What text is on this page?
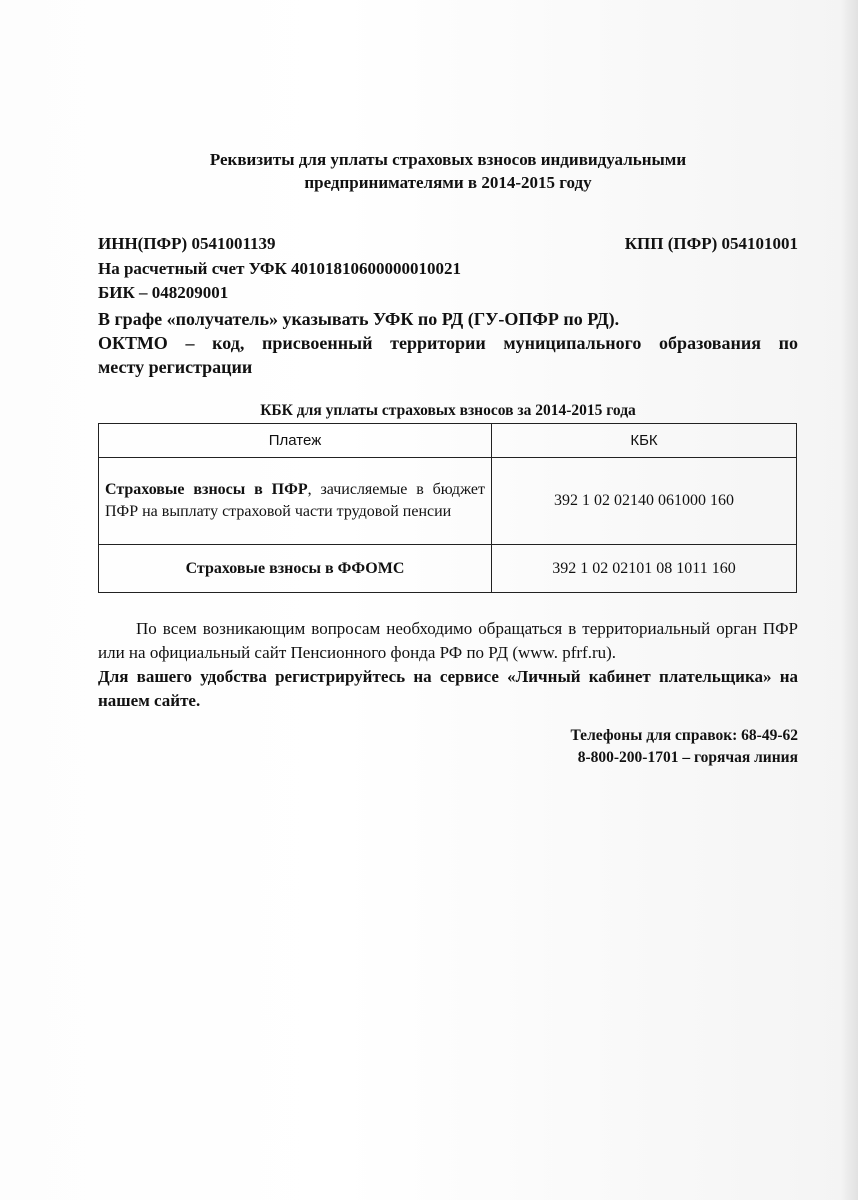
Реквизиты для уплаты страховых взносов индивидуальными
предпринимателями в 2014-2015 году
ИНН(ПФР) 0541001139	КПП (ПФР) 054101001
На расчетный счет УФК 40101810600000010021
БИК – 048209001
В графе «получатель» указывать УФК по РД (ГУ-ОПФР по РД).
ОКТМО – код, присвоенный территории муниципального образования по
месту регистрации
КБК для уплаты страховых взносов за 2014-2015 года
Платеж	КБК
Страховые взносы в ПФР, зачисляемые в бюджет ПФР на выплату страховой части трудовой пенсии	392 1 02 02140 061000 160
Страховые взносы в ФФОМС	392 1 02 02101 08 1011 160
По всем возникающим вопросам необходимо обращаться в территориальный орган ПФР или на официальный сайт Пенсионного фонда РФ по РД (www. pfrf.ru).
Для вашего удобства регистрируйтесь на сервисе «Личный кабинет плательщика» на нашем сайте.
Телефоны для справок: 68-49-62
8-800-200-1701 – горячая линия
